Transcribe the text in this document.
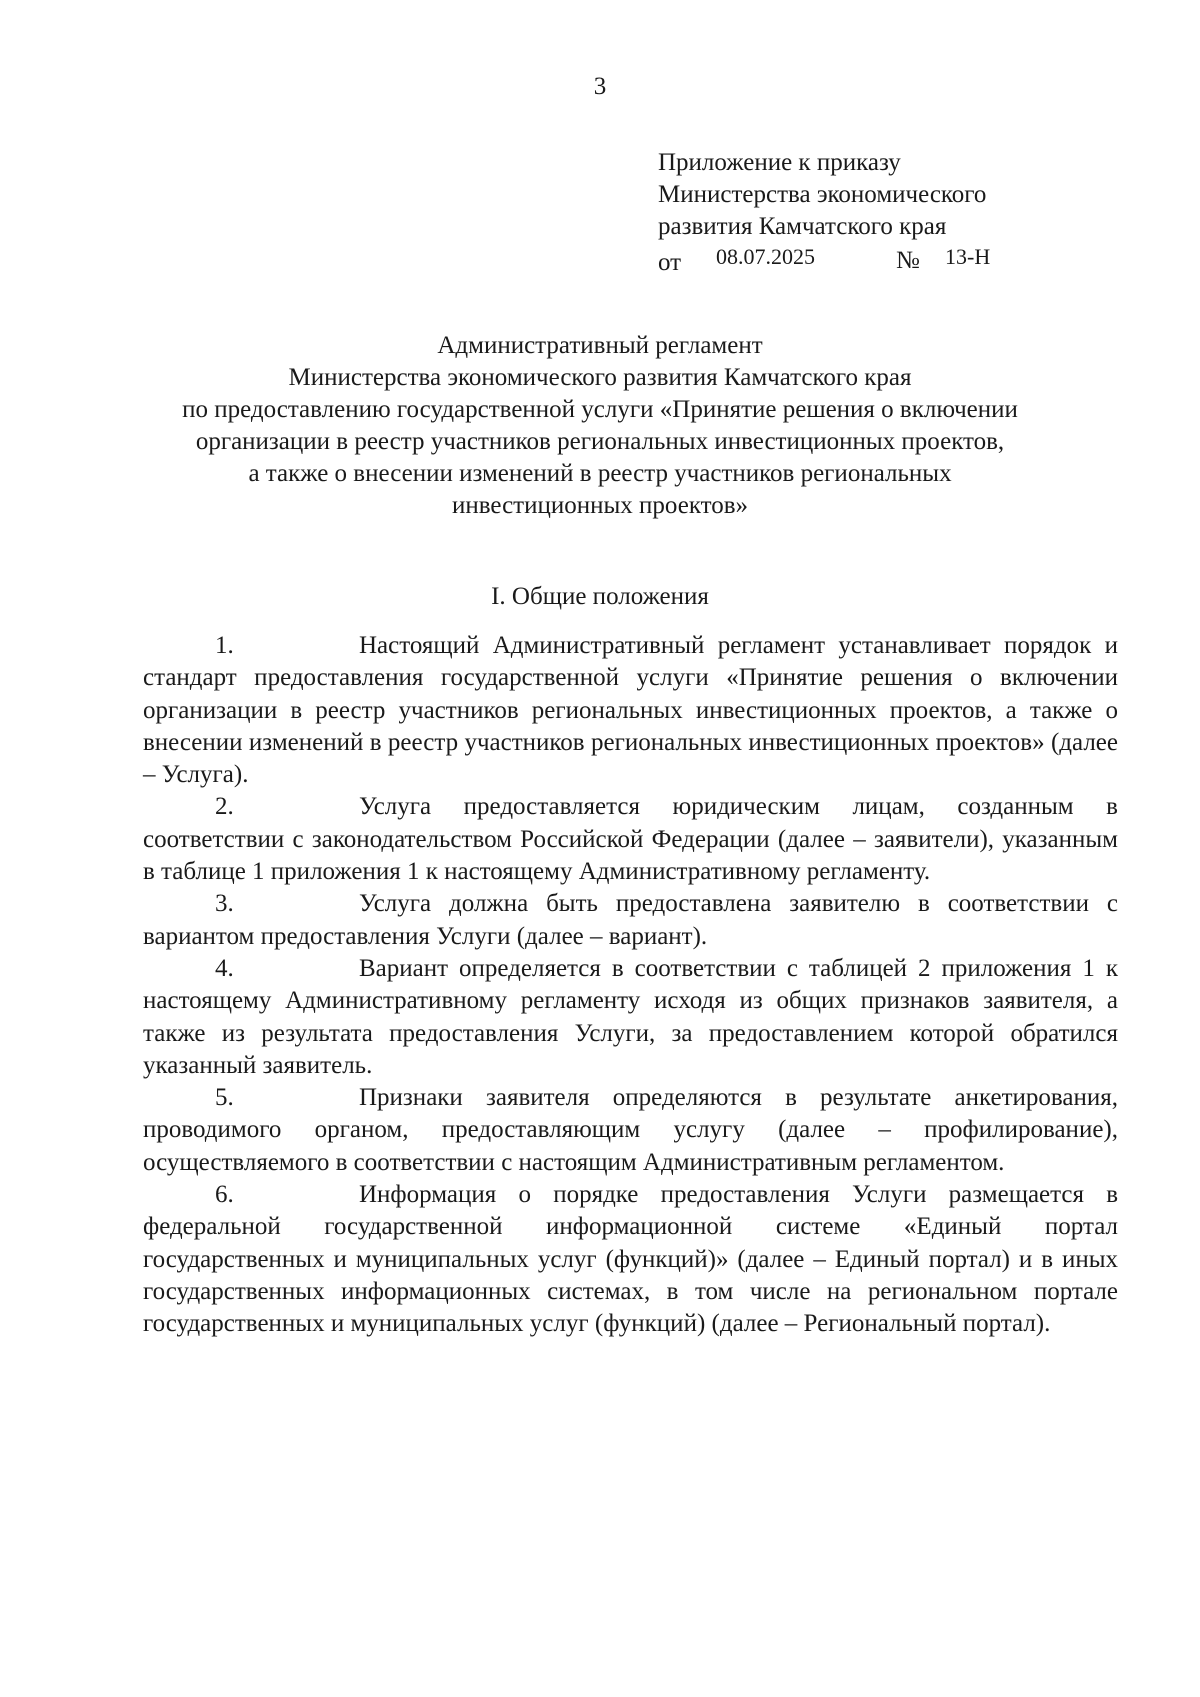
3
Приложение к приказу
Министерства экономического
развития Камчатского края
от 08.07.2025	№ 13-Н
Административный регламент
Министерства экономического развития Камчатского края
по предоставлению государственной услуги «Принятие решения о включении
организации в реестр участников региональных инвестиционных проектов,
а также о внесении изменений в реестр участников региональных
инвестиционных проектов»
I. Общие положения

1.	Настоящий Административный регламент устанавливает порядок и стандарт предоставления государственной услуги «Принятие решения о включении организации в реестр участников региональных инвестиционных проектов, а также о внесении изменений в реестр участников региональных инвестиционных проектов» (далее – Услуга).

2.	Услуга предоставляется юридическим лицам, созданным в соответствии с законодательством Российской Федерации (далее – заявители), указанным в таблице 1 приложения 1 к настоящему Административному регламенту.

3.	Услуга должна быть предоставлена заявителю в соответствии с вариантом предоставления Услуги (далее – вариант).

4.	Вариант определяется в соответствии с таблицей 2 приложения 1 к настоящему Административному регламенту исходя из общих признаков заявителя, а также из результата предоставления Услуги, за предоставлением которой обратился указанный заявитель.

5.	Признаки заявителя определяются в результате анкетирования, проводимого органом, предоставляющим услугу (далее – профилирование), осуществляемого в соответствии с настоящим Административным регламентом.

6.	Информация о порядке предоставления Услуги размещается в федеральной государственной информационной системе «Единый портал государственных и муниципальных услуг (функций)» (далее – Единый портал) и в иных государственных информационных системах, в том числе на региональном портале государственных и муниципальных услуг (функций) (далее – Региональный портал).
